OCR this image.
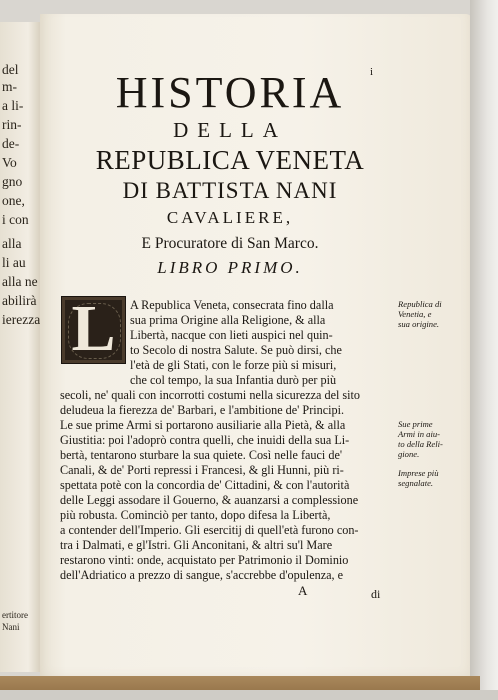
del
m-
a li-
rin-
de-
Vo
gno
one,
i con
alla
li au
alla ne
abilirà
ierezza
ertitore
Nani
i
HISTORIA
DELLA
REPUBLICA VENETA
DI BATTISTA NANI
CAVALIERE,
E Procuratore di San Marco.
LIBRO PRIMO.
L	A Republica Veneta, consecrata fino dalla
sua prima Origine alla Religione, & alla
Libertà, nacque con lieti auspici nel quin-
to Secolo di nostra Salute. Se può dirsi, che
l'età de gli Stati, con le forze più si misuri,
che col tempo, la sua Infantia durò per più
secoli, ne' quali con incorrotti costumi nella sicurezza del sito
deludeua la fierezza de' Barbari, e l'ambitione de' Principi.
Le sue prime Armi si portarono ausiliarie alla Pietà, & alla
Giustitia: poi l'adoprò contra quelli, che inuidi della sua Li-
bertà, tentarono sturbare la sua quiete. Così nelle fauci de'
Canali, & de' Porti repressi i Francesi, & gli Hunni, più ri-
spettata potè con la concordia de' Cittadini, & con l'autorità
delle Leggi assodare il Gouerno, & auanzarsi a complessione
più robusta. Cominciò per tanto, dopo difesa la Libertà,
a contender dell'Imperio. Gli esercitij di quell'età furono con-
tra i Dalmati, e gl'Istri. Gli Anconitani, & altri su'l Mare
restarono vinti: onde, acquistato per Patrimonio il Dominio
dell'Adriatico a prezzo di sangue, s'accrebbe d'opulenza, e
Republica di
Venetia, e
sua origine.
Sue prime
Armi in aiu-
to della Reli-
gione.
Imprese più
segnalate.
A	di
